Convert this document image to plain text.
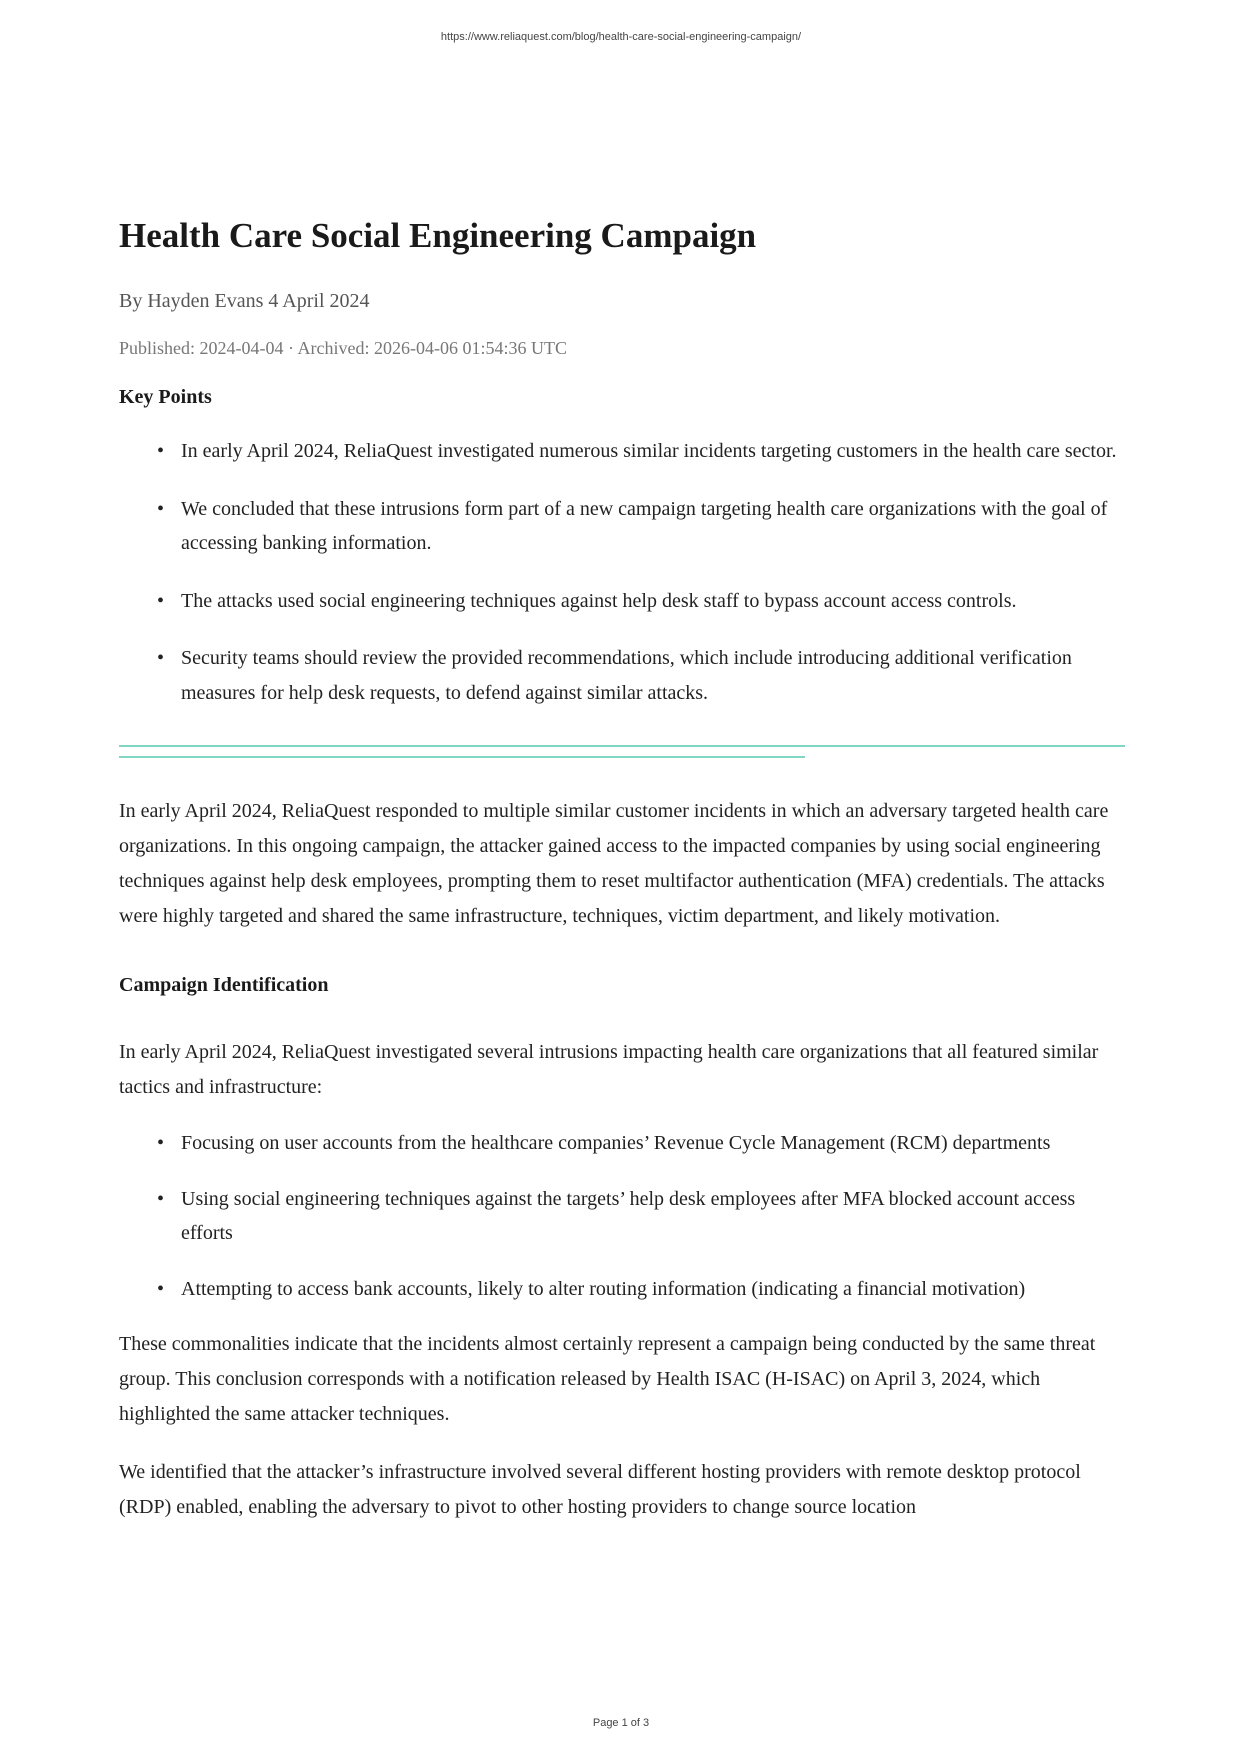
https://www.reliaquest.com/blog/health-care-social-engineering-campaign/
Health Care Social Engineering Campaign
By Hayden Evans 4 April 2024
Published: 2024-04-04 · Archived: 2026-04-06 01:54:36 UTC
Key Points
• In early April 2024, ReliaQuest investigated numerous similar incidents targeting customers in the health care sector.
• We concluded that these intrusions form part of a new campaign targeting health care organizations with the goal of accessing banking information.
• The attacks used social engineering techniques against help desk staff to bypass account access controls.
• Security teams should review the provided recommendations, which include introducing additional verification measures for help desk requests, to defend against similar attacks.

In early April 2024, ReliaQuest responded to multiple similar customer incidents in which an adversary targeted health care organizations. In this ongoing campaign, the attacker gained access to the impacted companies by using social engineering techniques against help desk employees, prompting them to reset multifactor authentication (MFA) credentials. The attacks were highly targeted and shared the same infrastructure, techniques, victim department, and likely motivation.

Campaign Identification

In early April 2024, ReliaQuest investigated several intrusions impacting health care organizations that all featured similar tactics and infrastructure:

• Focusing on user accounts from the healthcare companies’ Revenue Cycle Management (RCM) departments
• Using social engineering techniques against the targets’ help desk employees after MFA blocked account access efforts
• Attempting to access bank accounts, likely to alter routing information (indicating a financial motivation)

These commonalities indicate that the incidents almost certainly represent a campaign being conducted by the same threat group. This conclusion corresponds with a notification released by Health ISAC (H-ISAC) on April 3, 2024, which highlighted the same attacker techniques.

We identified that the attacker’s infrastructure involved several different hosting providers with remote desktop protocol (RDP) enabled, enabling the adversary to pivot to other hosting providers to change source location

Page 1 of 3
